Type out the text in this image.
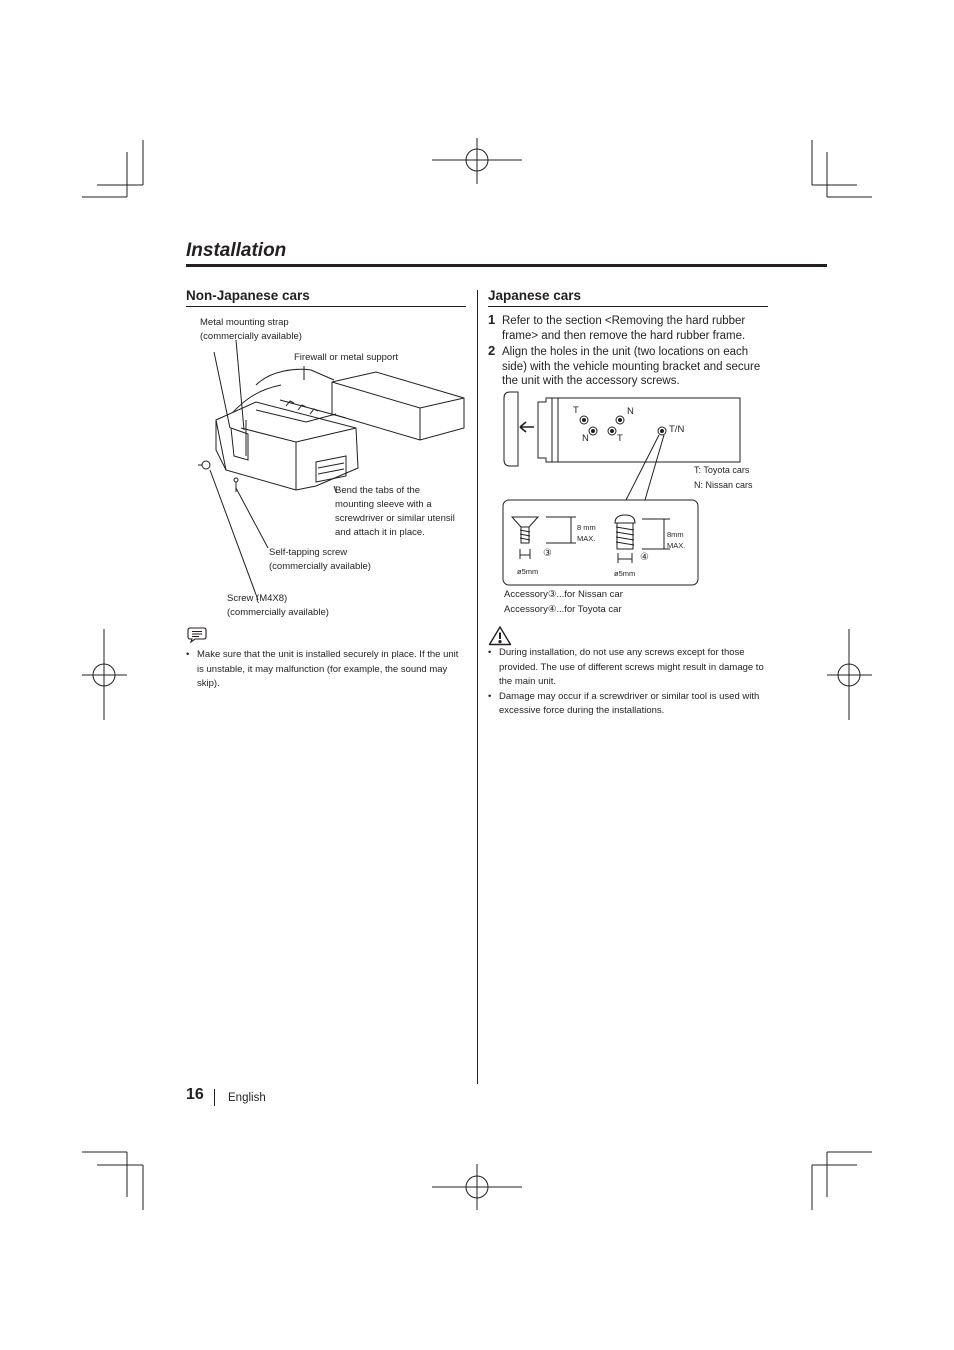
Installation
Non-Japanese cars
Metal mounting strap
(commercially available)
Firewall or metal support
Bend the tabs of the
mounting sleeve with a
screwdriver or similar utensil
and attach it in place.
Self-tapping screw
(commercially available)
Screw (M4X8)
(commercially available)
• Make sure that the unit is installed securely in place. If the unit is unstable, it may malfunction (for example, the sound may skip).
Japanese cars
1 Refer to the section <Removing the hard rubber frame> and then remove the hard rubber frame.
2 Align the holes in the unit (two locations on each side) with the vehicle mounting bracket and secure the unit with the accessory screws.
T	N
N	T
T/N
T: Toyota cars
N: Nissan cars
8 mm
MAX.
ø5mm
③
8mm
MAX.
ø5mm
④
Accessory③...for Nissan car
Accessory④...for Toyota car
• During installation, do not use any screws except for those provided. The use of different screws might result in damage to the main unit.
• Damage may occur if a screwdriver or similar tool is used with excessive force during the installations.
16 English
